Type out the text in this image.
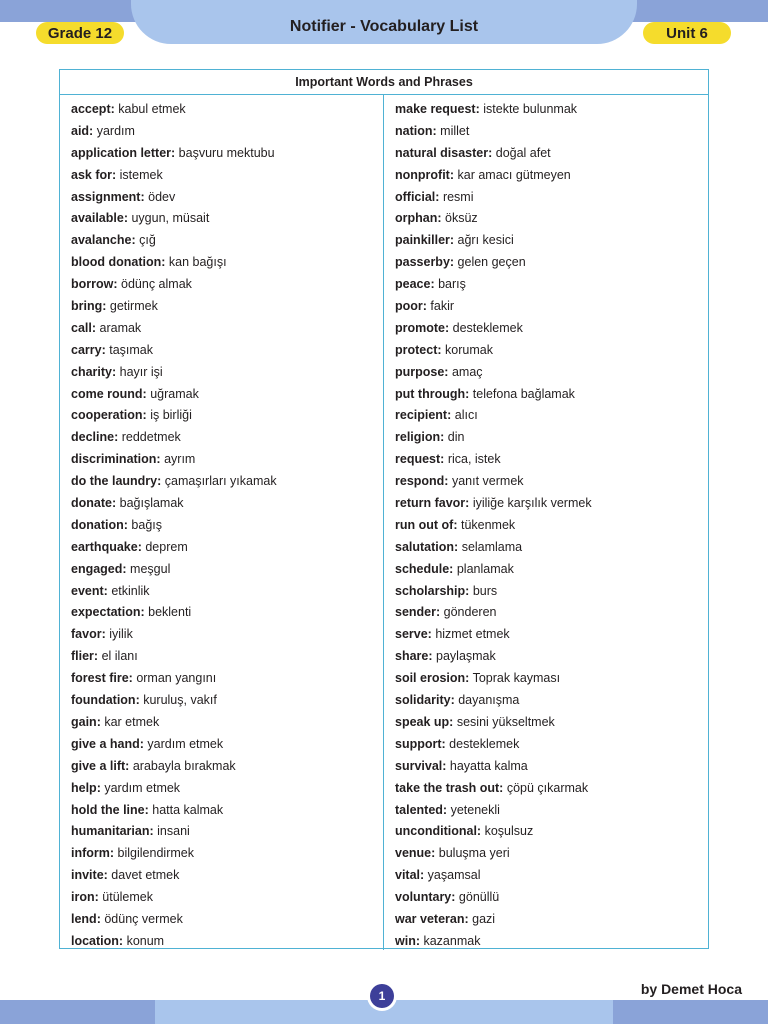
Notifier - Vocabulary List
Grade 12	Unit 6
Important Words and Phrases
accept: kabul etmek
aid: yardım
application letter: başvuru mektubu
ask for: istemek
assignment: ödev
available: uygun, müsait
avalanche: çığ
blood donation: kan bağışı
borrow: ödünç almak
bring: getirmek
call: aramak
carry: taşımak
charity: hayır işi
come round: uğramak
cooperation: iş birliği
decline: reddetmek
discrimination: ayrım
do the laundry: çamaşırları yıkamak
donate: bağışlamak
donation: bağış
earthquake: deprem
engaged: meşgul
event: etkinlik
expectation: beklenti
favor: iyilik
flier: el ilanı
forest fire: orman yangını
foundation: kuruluş, vakıf
gain: kar etmek
give a hand: yardım etmek
give a lift: arabayla bırakmak
help: yardım etmek
hold the line: hatta kalmak
humanitarian: insani
inform: bilgilendirmek
invite: davet etmek
iron: ütülemek
lend: ödünç vermek
location: konum
make request: istekte bulunmak
nation: millet
natural disaster: doğal afet
nonprofit: kar amacı gütmeyen
official: resmi
orphan: öksüz
painkiller: ağrı kesici
passerby: gelen geçen
peace: barış
poor: fakir
promote: desteklemek
protect: korumak
purpose: amaç
put through: telefona bağlamak
recipient: alıcı
religion: din
request: rica, istek
respond: yanıt vermek
return favor: iyiliğe karşılık vermek
run out of: tükenmek
salutation: selamlama
schedule: planlamak
scholarship: burs
sender: gönderen
serve: hizmet etmek
share: paylaşmak
soil erosion: Toprak kayması
solidarity: dayanışma
speak up: sesini yükseltmek
support: desteklemek
survival: hayatta kalma
take the trash out: çöpü çıkarmak
talented: yetenekli
unconditional: koşulsuz
venue: buluşma yeri
vital: yaşamsal
voluntary: gönüllü
war veteran: gazi
win: kazanmak
1	by Demet Hoca
